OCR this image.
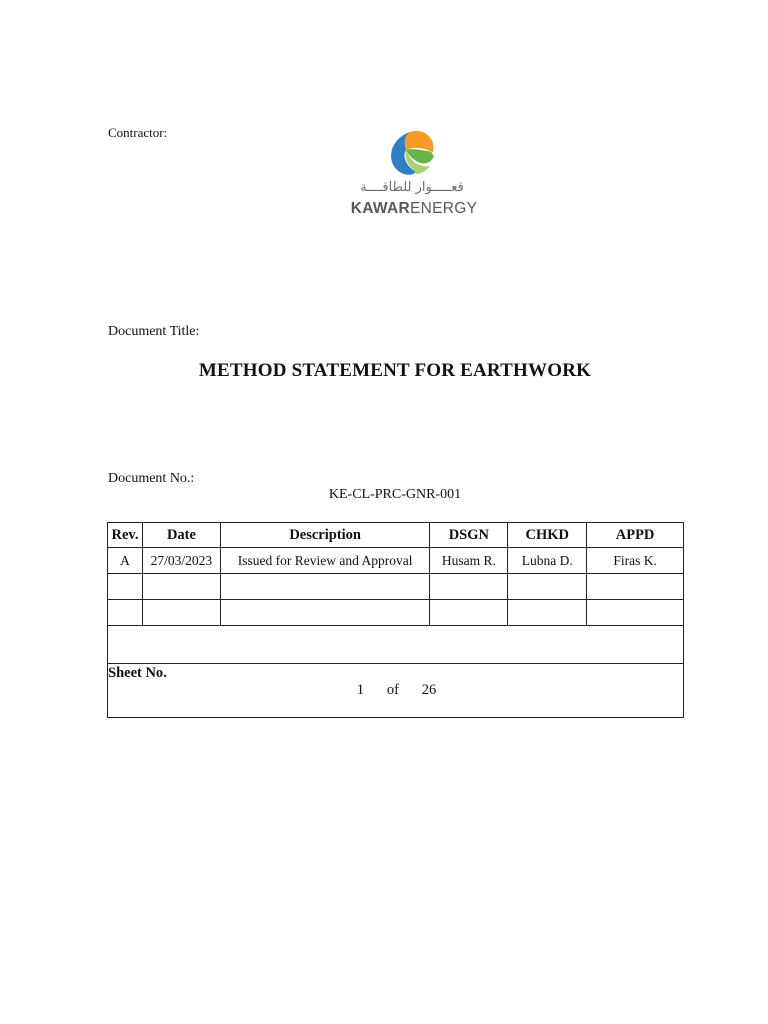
Contractor:
قعـــــوار للطاقــــة
KAWARENERGY
Document Title:
METHOD STATEMENT FOR EARTHWORK
Document No.:
KE-CL-PRC-GNR-001
Rev.	Date	Description	DSGN	CHKD	APPD
A	27/03/2023	Issued for Review and Approval	Husam R.	Lubna D.	Firas K.

Sheet No.
1   of   26					
